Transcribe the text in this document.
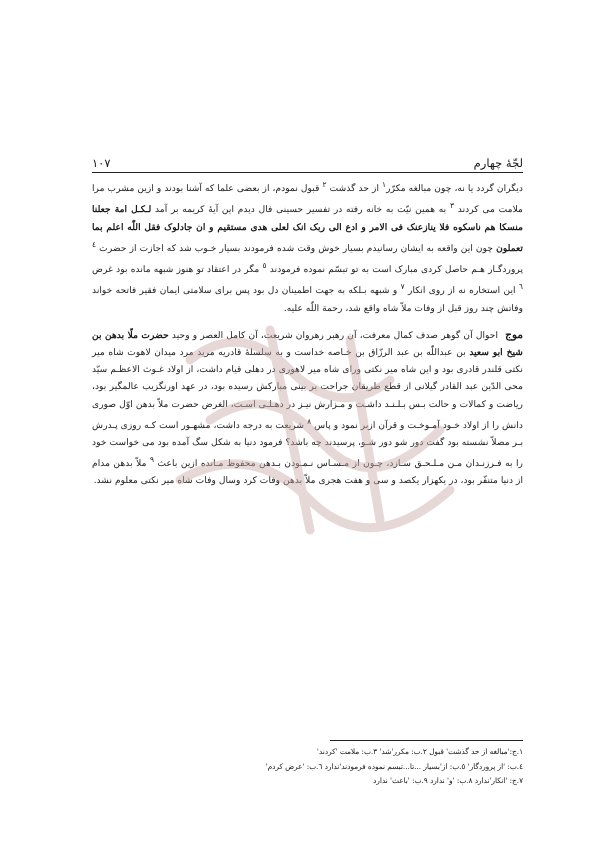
لجّهٔ چهارم
۱۰۷

دیگران گردد یا نه، چون مبالغه مکرّر$^۱$ از حد گذشت $^۲$ قبول نمودم، از بعضی علما که آشنا بودند و ازین مشرب مرا ملامت می کردند $^۳$ به همین نیّت به خانه رفته در تفسیر حسینی فال دیدم این آیهٔ کریمه بر آمد لـکـل امة جعلنا منسکا هم ناسکوه فلا ینازعنک فی الامر و ادع الی ربک انک لعلی هدی مستقیم و ان جادلوک فقل اللّٰه اعلم بما تعملون چون این واقعه به ایشان رسانیدم بسیار خوش وقت شده فرمودند بسیار خـوب شد که اجازت از حضرت $^٤$ پروردگـار هـم حاصل کردی مبارک است به تو تبسّم نموده فرمودند $^٥$ مگر در اعتقاد تو هنوز شبهه مانده بود غرض $^٦$ این استخاره نه از روی انکار $^۷$ و شبهه بـلکه به جهت اطمینان دل بود پس برای سلامتی ایمان فقیر فاتحه خواند وفاتش چند روز قبل از وفات ملاّ شاه واقع شد، رحمة اللّٰه علیه.

موج احوال آن گوهر صدف کمال معرفت، آن رهبر رهروان شریعت، آن کامل العصر و وحید حضرت ملّا بدهن بن شیخ ابو سعید بن عبداللّٰه بن عبد الرزّاق بن خـاصه خداست و به سلسلهٔ قادریه مرید مرد میدان لاهوت شاه میر نکتی قلندر قادری بود و این شاه میر نکتی ورای شاه میر لاهوری در دهلی قیام داشت، از اولاد غـوث الاعظـم سیّد محی الدّین عبد القادر گیلانی از قطع طریقان جراحت بر بینی مبارکش رسیده بود، در عهد اورنگزیب عالمگیر بود، ریاضت و کمالات و حالت بـس بـلـنـد داشـت و مـزارش نیـز در دهـلـی اسـت، الغرض حضرت ملاّ بدهن اوّل صوری دانش را از اولاد خـود آمـوخـت و قرآن ازبر نمود و پاس $^۸$ شریعت به درجه داشت، مشهـور است کـه روزی پـدرش بـر مصلاّ نشسته بود گفت دور شو دور شـو، پرسیدند چه باشد؟ فرمود دنیا به شکل سگ آمده بود می خواست خود را به فـرزنـدان مـن مـلـحـق سـازد، چـون از مـسـاس نـمـودن بـدهن محفوظ مـانده ازین باعث $^۹$ ملاّ بدهن مدام از دنیا متنفّر بود، در یکهزار یکصد و سی و هفت هجری ملاّ بدهن وفات کرد وسال وفات شاه میر نکتی معلوم نشد.

۱.ج:'مبالغه از حد گذشت' قبول ۲.ب: مکرر'شد' ۳.ب: ملامت 'کردند'
٤.ب: 'از پروردگار' ٥.ب: از'بسیار ...تا...تبسم نموده فرمودند'ندارد ٦.ب: 'عرض کردم'
۷.ج: 'انکار'ندارد ۸.ب: 'و' ندارد ۹.ب: 'باعث' ندارد
